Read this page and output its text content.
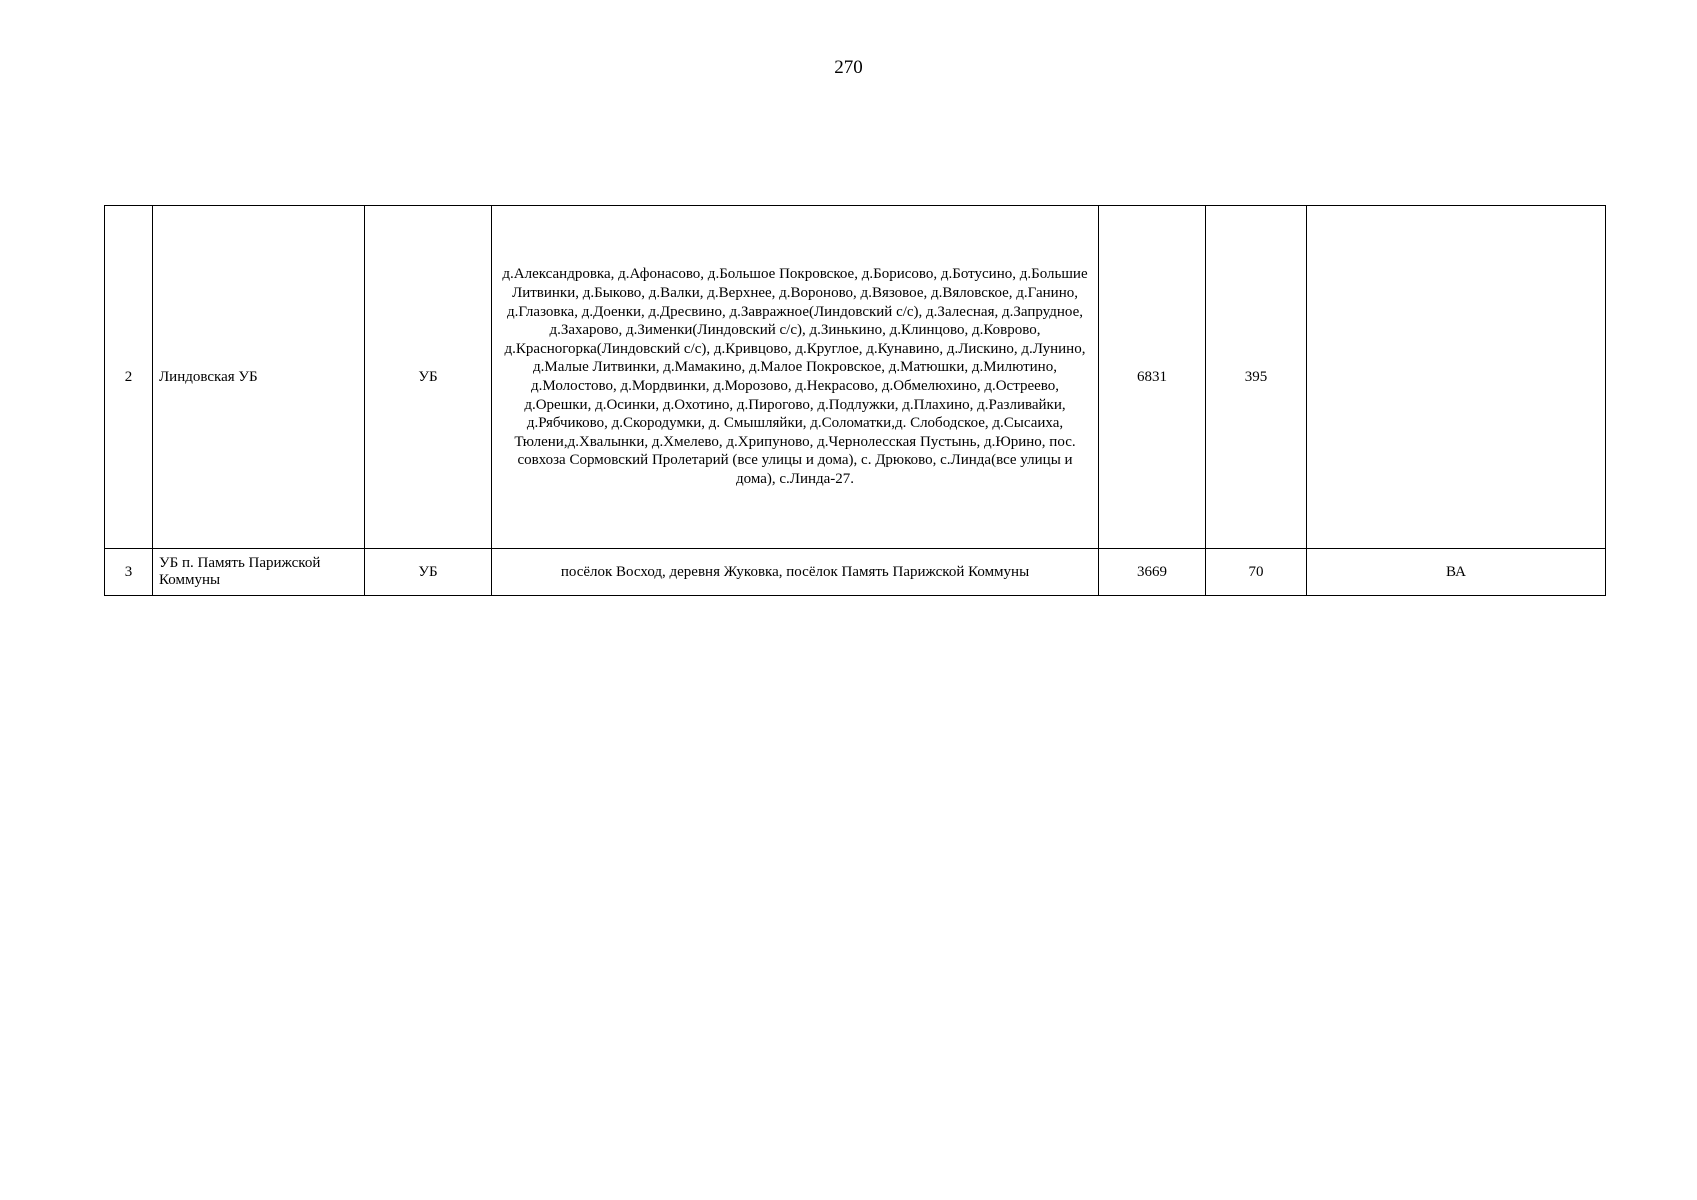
270
2	Линдовская УБ	УБ	д.Александровка, д.Афонасово, д.Большое Покровское, д.Борисово, д.Ботусино, д.Большие Литвинки, д.Быково, д.Валки, д.Верхнее, д.Вороново, д.Вязовое, д.Вяловское, д.Ганино, д.Глазовка, д.Доенки, д.Дресвино, д.Завражное(Линдовский с/с), д.Залесная, д.Запрудное, д.Захарово, д.Зименки(Линдовский с/с), д.Зинькино, д.Клинцово, д.Коврово, д.Красногорка(Линдовский с/с), д.Кривцово, д.Круглое, д.Кунавино, д.Лискино, д.Лунино, д.Малые Литвинки, д.Мамакино, д.Малое Покровское, д.Матюшки, д.Милютино, д.Молостово, д.Мордвинки, д.Морозово, д.Некрасово, д.Обмелюхино, д.Остреево, д.Орешки, д.Осинки, д.Охотино, д.Пирогово, д.Подлужки, д.Плахино, д.Разливайки, д.Рябчиково, д.Скородумки, д. Смышляйки, д.Соломатки,д. Слободское, д.Сысаиха, Тюлени,д.Хвалынки, д.Хмелево, д.Хрипуново, д.Чернолесская Пустынь, д.Юрино, пос. совхоза Сормовский Пролетарий (все улицы и дома), с. Дрюково, с.Линда(все улицы и дома), с.Линда-27.	6831	395	
3	УБ п. Память Парижской Коммуны	УБ	посёлок Восход, деревня Жуковка, посёлок Память Парижской Коммуны	3669	70	ВА
